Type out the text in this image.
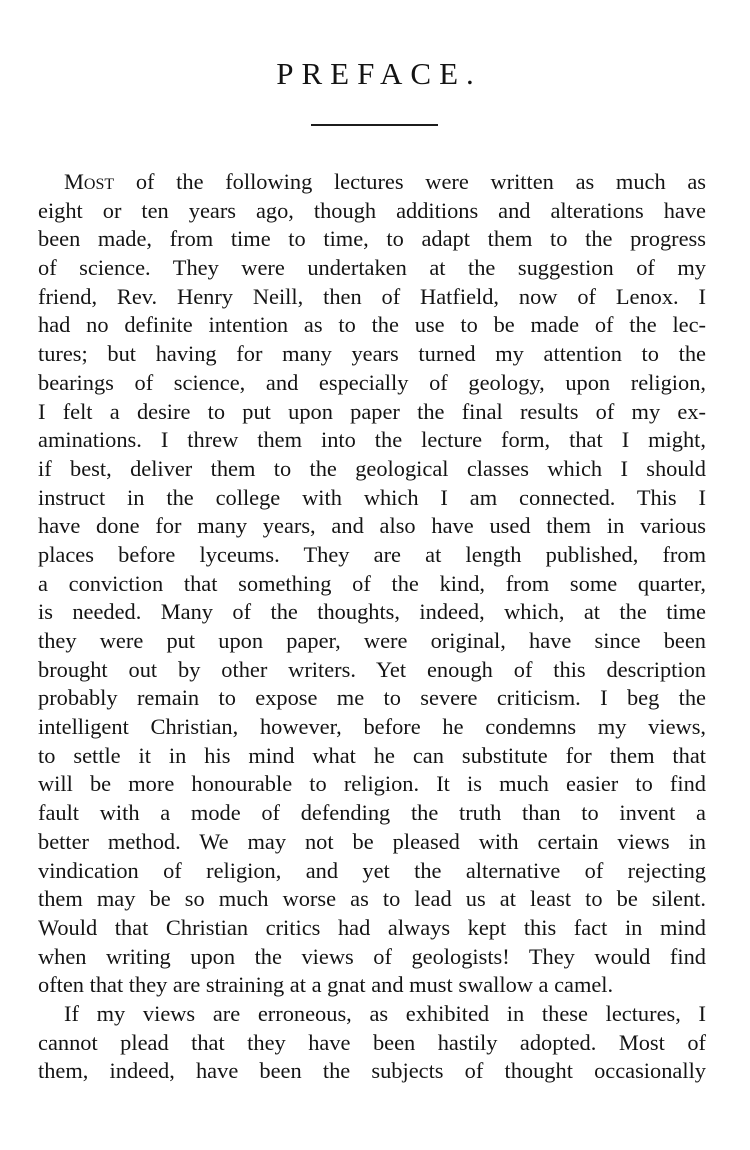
PREFACE.
Most of the following lectures were written as much as
eight or ten years ago, though additions and alterations have
been made, from time to time, to adapt them to the progress
of science. They were undertaken at the suggestion of my
friend, Rev. Henry Neill, then of Hatfield, now of Lenox. I
had no definite intention as to the use to be made of the lec-
tures; but having for many years turned my attention to the
bearings of science, and especially of geology, upon religion,
I felt a desire to put upon paper the final results of my ex-
aminations. I threw them into the lecture form, that I might,
if best, deliver them to the geological classes which I should
instruct in the college with which I am connected. This I
have done for many years, and also have used them in various
places before lyceums. They are at length published, from
a conviction that something of the kind, from some quarter,
is needed. Many of the thoughts, indeed, which, at the time
they were put upon paper, were original, have since been
brought out by other writers. Yet enough of this description
probably remain to expose me to severe criticism. I beg the
intelligent Christian, however, before he condemns my views,
to settle it in his mind what he can substitute for them that
will be more honourable to religion. It is much easier to find
fault with a mode of defending the truth than to invent a
better method. We may not be pleased with certain views in
vindication of religion, and yet the alternative of rejecting
them may be so much worse as to lead us at least to be silent.
Would that Christian critics had always kept this fact in mind
when writing upon the views of geologists! They would find
often that they are straining at a gnat and must swallow a camel.
If my views are erroneous, as exhibited in these lectures, I
cannot plead that they have been hastily adopted. Most of
them, indeed, have been the subjects of thought occasionally
